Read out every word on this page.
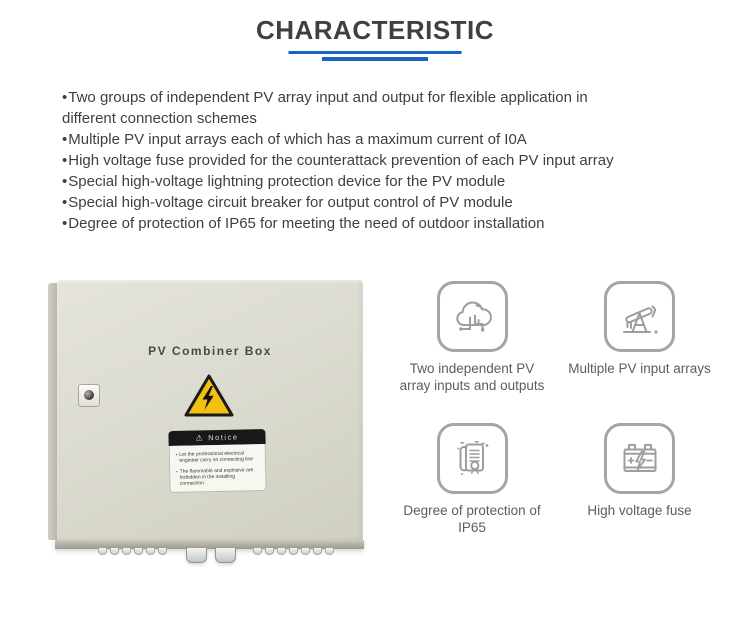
CHARACTERISTIC
•Two groups of independent PV array input and output for flexible application in
different connection schemes
•Multiple PV input arrays each of which has a maximum current of I0A
•High voltage fuse provided for the counterattack prevention of each PV input array
•Special high-voltage lightning protection device for the PV module
•Special high-voltage circuit breaker for output control of PV module
•Degree of protection of IP65 for meeting the need of outdoor installation
PV Combiner Box
⚠ Notice
▪ Let the professional electrical engineer carry on connecting line
▪ The flammable and explosive are forbidden in the installing connection
Two independent PV
array inputs and outputs
Multiple PV input arrays
Degree of protection of
IP65
High voltage fuse
